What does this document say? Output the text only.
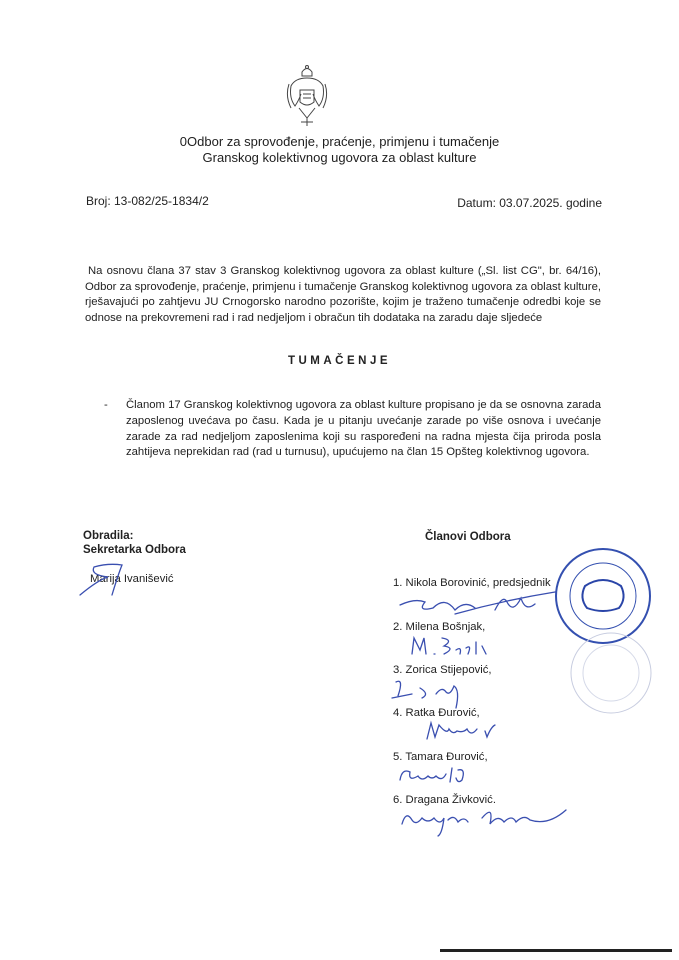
0Odbor za sprovođenje, praćenje, primjenu i tumačenje
Granskog kolektivnog ugovora za oblast kulture
Broj: 13-082/25-1834/2	Datum: 03.07.2025. godine

Na osnovu člana 37 stav 3 Granskog kolektivnog ugovora za oblast kulture („Sl. list CG", br. 64/16), Odbor za sprovođenje, praćenje, primjenu i tumačenje Granskog kolektivnog ugovora za oblast kulture, rješavajući po zahtjevu JU Crnogorsko narodno pozorište, kojim je traženo tumačenje odredbi koje se odnose na prekovremeni rad i rad nedjeljom i obračun tih dodataka na zaradu daje sljedeće

TUMAČENJE
- Članom 17 Granskog kolektivnog ugovora za oblast kulture propisano je da se osnovna zarada zaposlenog uvećava po času. Kada je u pitanju uvećanje zarade po više osnova i uvećanje zarade za rad nedjeljom zaposlenima koji su raspoređeni na radna mjesta čija priroda posla zahtijeva neprekidan rad (rad u turnusu), upućujemo na član 15 Opšteg kolektivnog ugovora.
Obradila:
Sekretarka Odbora
Marija Ivanišević
Članovi Odbora
1. Nikola Borovinić, predsjednik
2. Milena Bošnjak,
3. Zorica Stijepović,
4. Ratka Đurović,
5. Tamara Đurović,
6. Dragana Živković.
